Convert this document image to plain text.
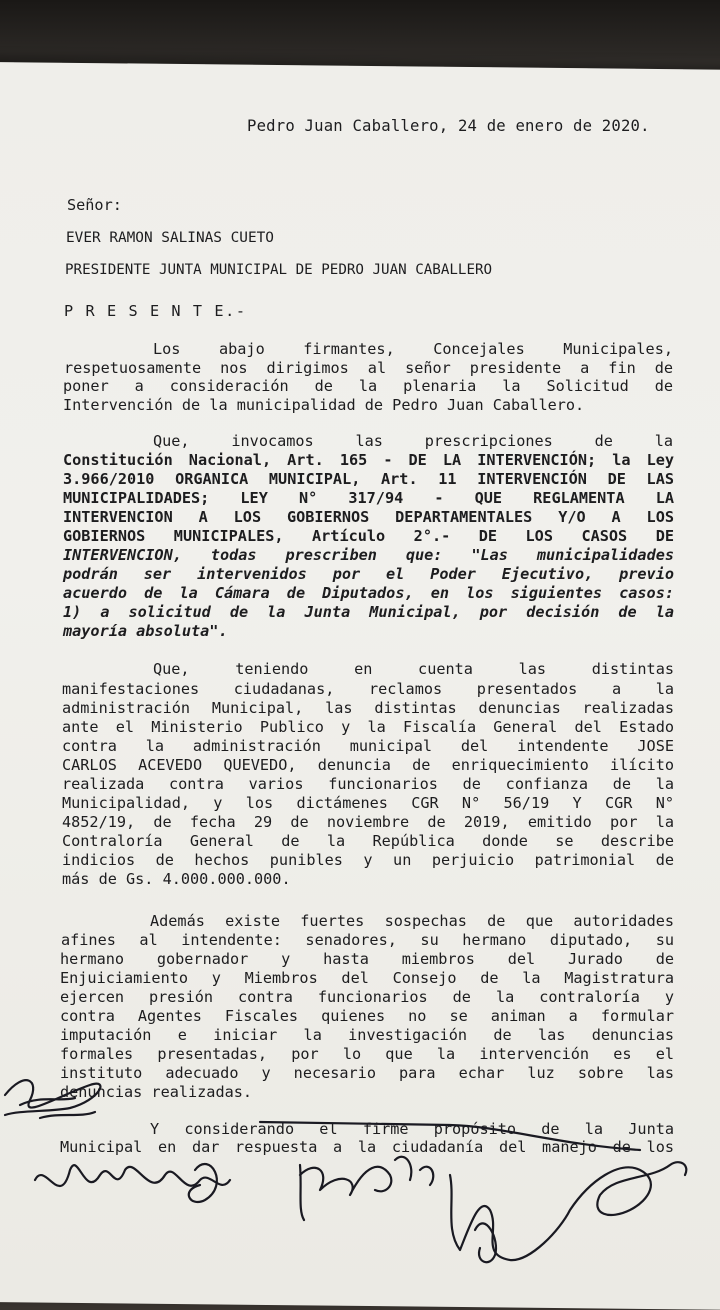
Pedro Juan Caballero, 24 de enero de 2020.
Señor:
EVER RAMON SALINAS CUETO
PRESIDENTE JUNTA MUNICIPAL DE PEDRO JUAN CABALLERO
P R E S E N T E.-
Los abajo firmantes, Concejales Municipales,
respetuosamente nos dirigimos al señor presidente a fin de
poner a consideración de la plenaria la Solicitud de
Intervención de la municipalidad de Pedro Juan Caballero.
Que, invocamos las prescripciones de la
Constitución Nacional, Art. 165 - DE LA INTERVENCIÓN; la Ley
3.966/2010 ORGANICA MUNICIPAL, Art. 11 INTERVENCIÓN DE LAS
MUNICIPALIDADES; LEY N° 317/94 - QUE REGLAMENTA LA
INTERVENCION A LOS GOBIERNOS DEPARTAMENTALES Y/O A LOS
GOBIERNOS MUNICIPALES, Artículo 2°.- DE LOS CASOS DE
INTERVENCION, todas prescriben que: "Las municipalidades
podrán ser intervenidos por el Poder Ejecutivo, previo
acuerdo de la Cámara de Diputados, en los siguientes casos:
1) a solicitud de la Junta Municipal, por decisión de la
mayoría absoluta".
Que, teniendo en cuenta las distintas
manifestaciones ciudadanas, reclamos presentados a la
administración Municipal, las distintas denuncias realizadas
ante el Ministerio Publico y la Fiscalía General del Estado
contra la administración municipal del intendente JOSE
CARLOS ACEVEDO QUEVEDO, denuncia de enriquecimiento ilícito
realizada contra varios funcionarios de confianza de la
Municipalidad, y los dictámenes CGR N° 56/19 Y CGR N°
4852/19, de fecha 29 de noviembre de 2019, emitido por la
Contraloría General de la República donde se describe
indicios de hechos punibles y un perjuicio patrimonial de
más de Gs. 4.000.000.000.
Además existe fuertes sospechas de que autoridades
afines al intendente: senadores, su hermano diputado, su
hermano gobernador y hasta miembros del Jurado de
Enjuiciamiento y Miembros del Consejo de la Magistratura
ejercen presión contra funcionarios de la contraloría y
contra Agentes Fiscales quienes no se animan a formular
imputación e iniciar la investigación de las denuncias
formales presentadas, por lo que la intervención es el
instituto adecuado y necesario para echar luz sobre las
denuncias realizadas.
Y considerando el firme propósito de la Junta
Municipal en dar respuesta a la ciudadanía del manejo de los
